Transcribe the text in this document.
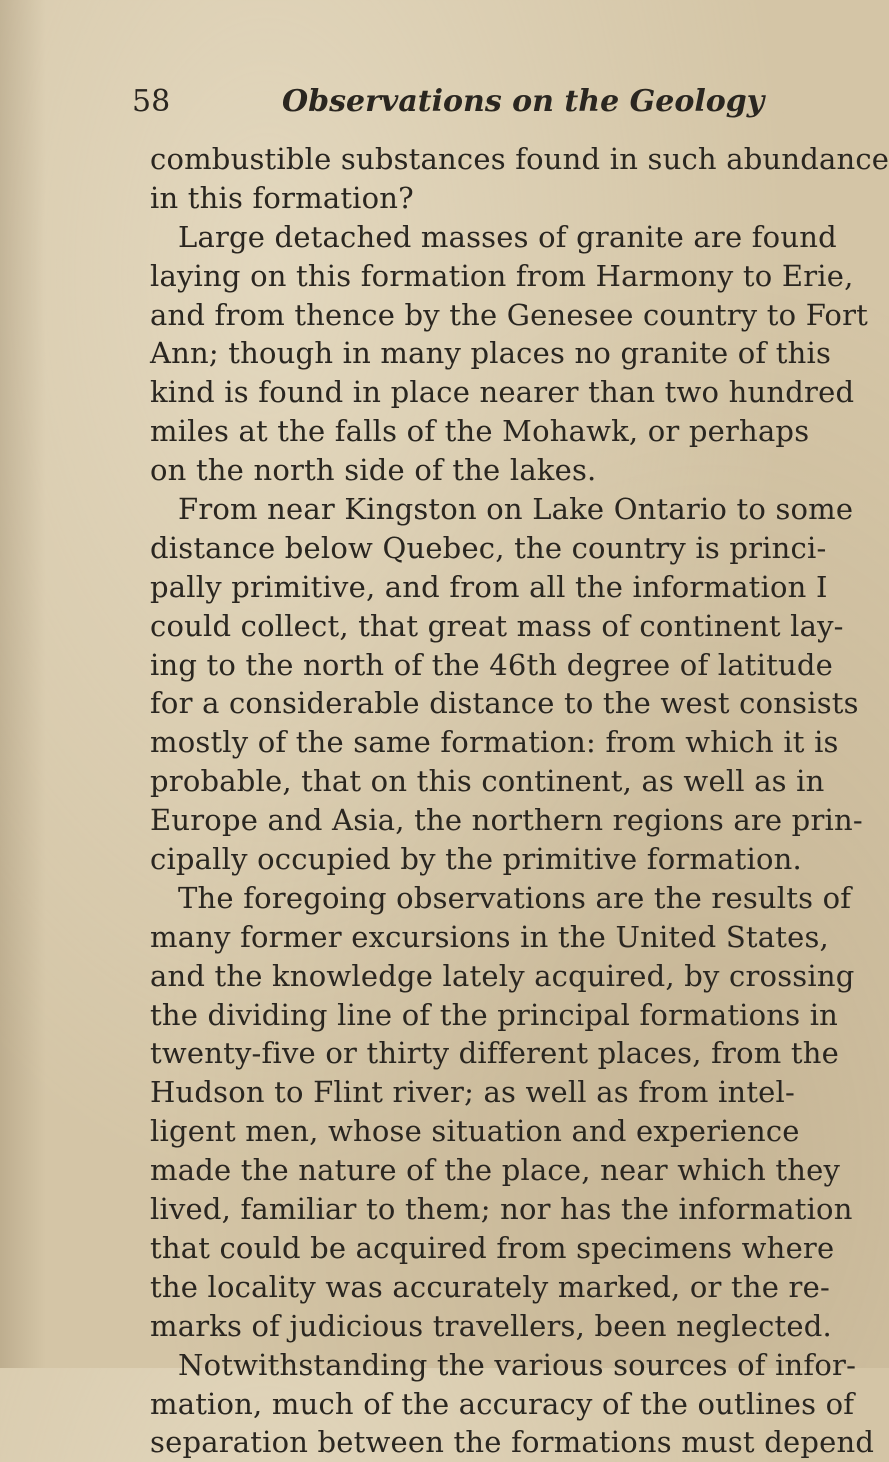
58	Observations on the Geology
combustible substances found in such abundance
in this formation?
Large detached masses of granite are found
laying on this formation from Harmony to Erie,
and from thence by the Genesee country to Fort
Ann; though in many places no granite of this
kind is found in place nearer than two hundred
miles at the falls of the Mohawk, or perhaps
on the north side of the lakes.
From near Kingston on Lake Ontario to some
distance below Quebec, the country is princi-
pally primitive, and from all the information I
could collect, that great mass of continent lay-
ing to the north of the 46th degree of latitude
for a considerable distance to the west consists
mostly of the same formation: from which it is
probable, that on this continent, as well as in
Europe and Asia, the northern regions are prin-
cipally occupied by the primitive formation.
The foregoing observations are the results of
many former excursions in the United States,
and the knowledge lately acquired, by crossing
the dividing line of the principal formations in
twenty-five or thirty different places, from the
Hudson to Flint river; as well as from intel-
ligent men, whose situation and experience
made the nature of the place, near which they
lived, familiar to them; nor has the information
that could be acquired from specimens where
the locality was accurately marked, or the re-
marks of judicious travellers, been neglected.
Notwithstanding the various sources of infor-
mation, much of the accuracy of the outlines of
separation between the formations must depend
